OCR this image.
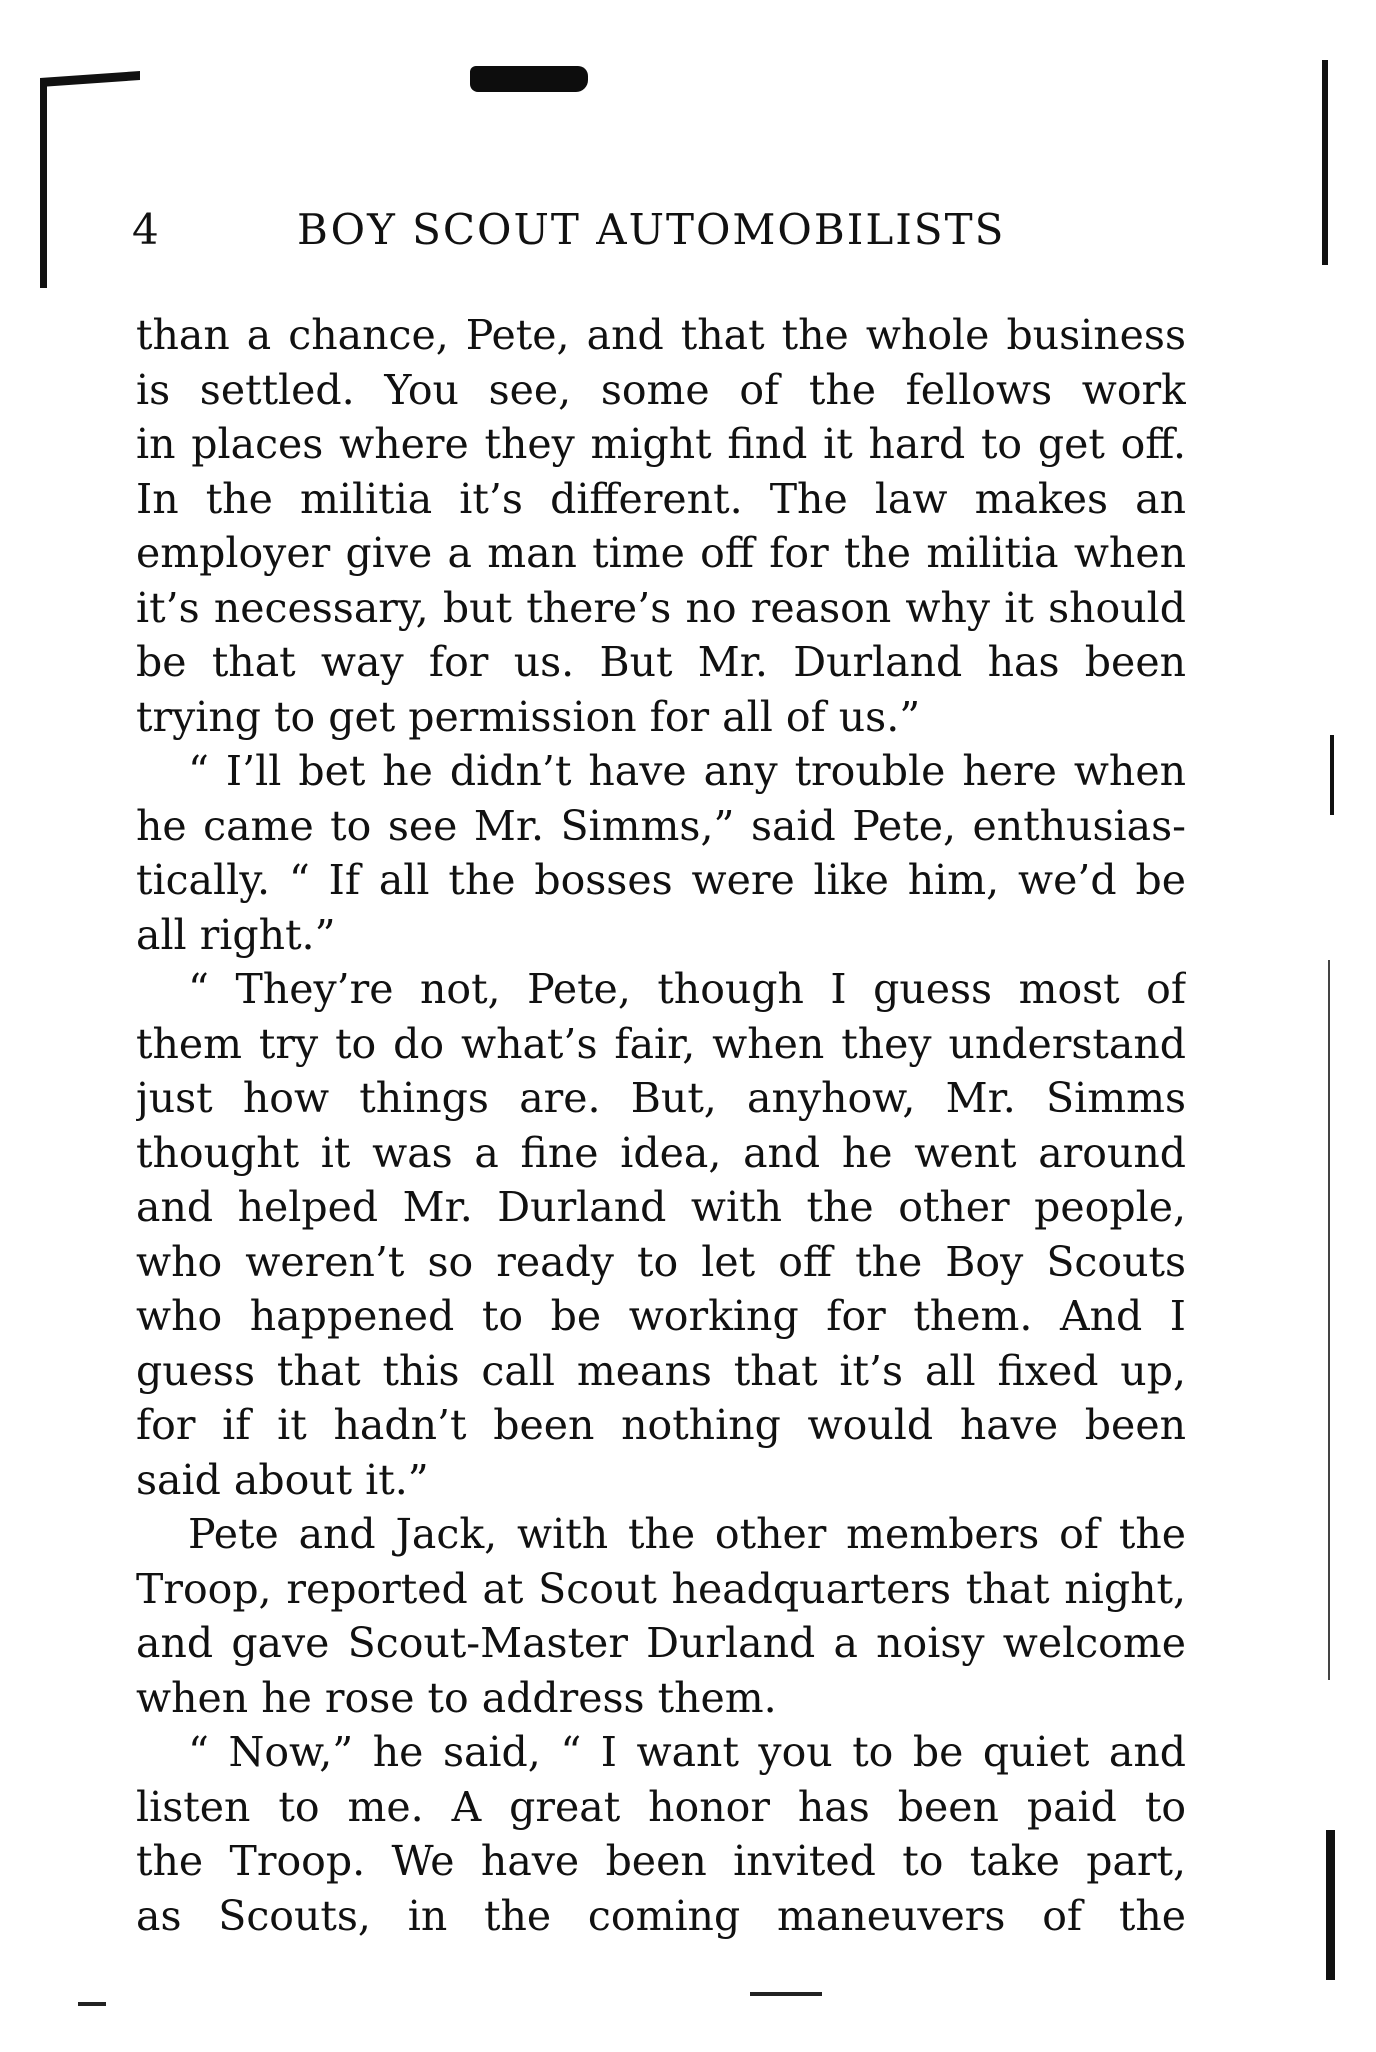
4	BOY SCOUT AUTOMOBILISTS
than a chance, Pete, and that the whole business
is settled. You see, some of the fellows work
in places where they might find it hard to get off.
In the militia it’s different. The law makes an
employer give a man time off for the militia when
it’s necessary, but there’s no reason why it should
be that way for us. But Mr. Durland has been
trying to get permission for all of us.”
“ I’ll bet he didn’t have any trouble here when
he came to see Mr. Simms,” said Pete, enthusias-
tically. “ If all the bosses were like him, we’d be
all right.”
“ They’re not, Pete, though I guess most of
them try to do what’s fair, when they understand
just how things are. But, anyhow, Mr. Simms
thought it was a fine idea, and he went around
and helped Mr. Durland with the other people,
who weren’t so ready to let off the Boy Scouts
who happened to be working for them. And I
guess that this call means that it’s all fixed up,
for if it hadn’t been nothing would have been
said about it.”
Pete and Jack, with the other members of the
Troop, reported at Scout headquarters that night,
and gave Scout-Master Durland a noisy welcome
when he rose to address them.
“ Now,” he said, “ I want you to be quiet and
listen to me. A great honor has been paid to
the Troop. We have been invited to take part,
as Scouts, in the coming maneuvers of the
